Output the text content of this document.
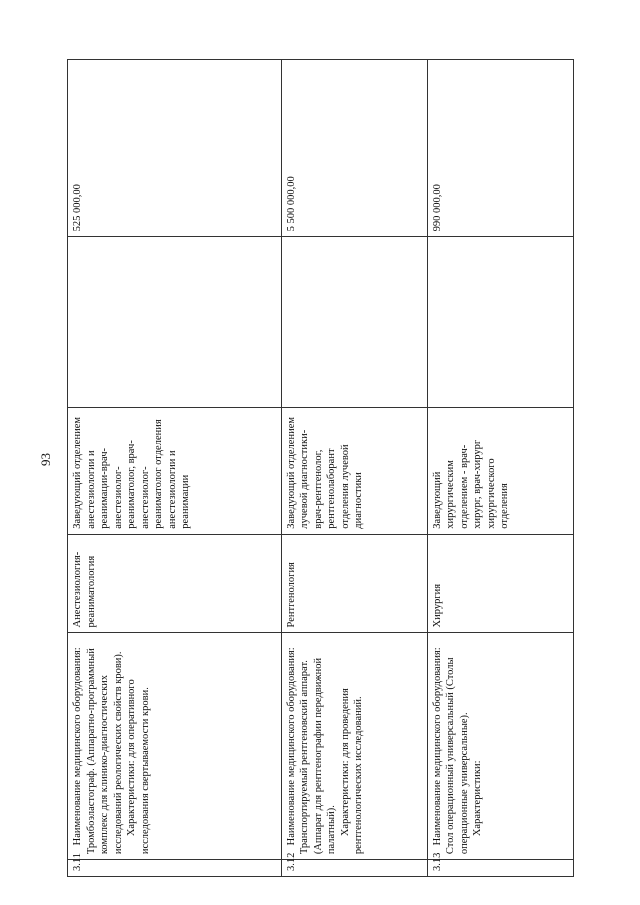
93
3.11	Наименование медицинского оборудования: Тромбоэластограф. (Аппаратно-программный комплекс для клинико-диагностических исследований реологических свойств крови). Характеристики: для оперативного исследования свертываемости крови.	Анестезиология-реаниматология	Заведующий отделением анестезиологии и реанимации-врач-анестезиолог-реаниматолог, врач-анестезиолог-реаниматолог отделения анестезиологии и реанимации		525 000,00
3.12	Наименование медицинского оборудования: Транспортируемый рентгеновский аппарат. (Аппарат для рентгенографии передвижной палатный). Характеристики: для проведения рентгенологических исследований.	Рентгенология	Заведующий отделением лучевой диагностики-врач-рентгенолог, рентгенолаборант отделения лучевой диагностики		5 500 000,00
3.13	Наименование медицинского оборудования: Стол операционный универсальный (Столы операционные универсальные). Характеристики:	Хирургия	Заведующий хирургическим отделением - врач-хирург, врач-хирург хирургического отделения		990 000,00
